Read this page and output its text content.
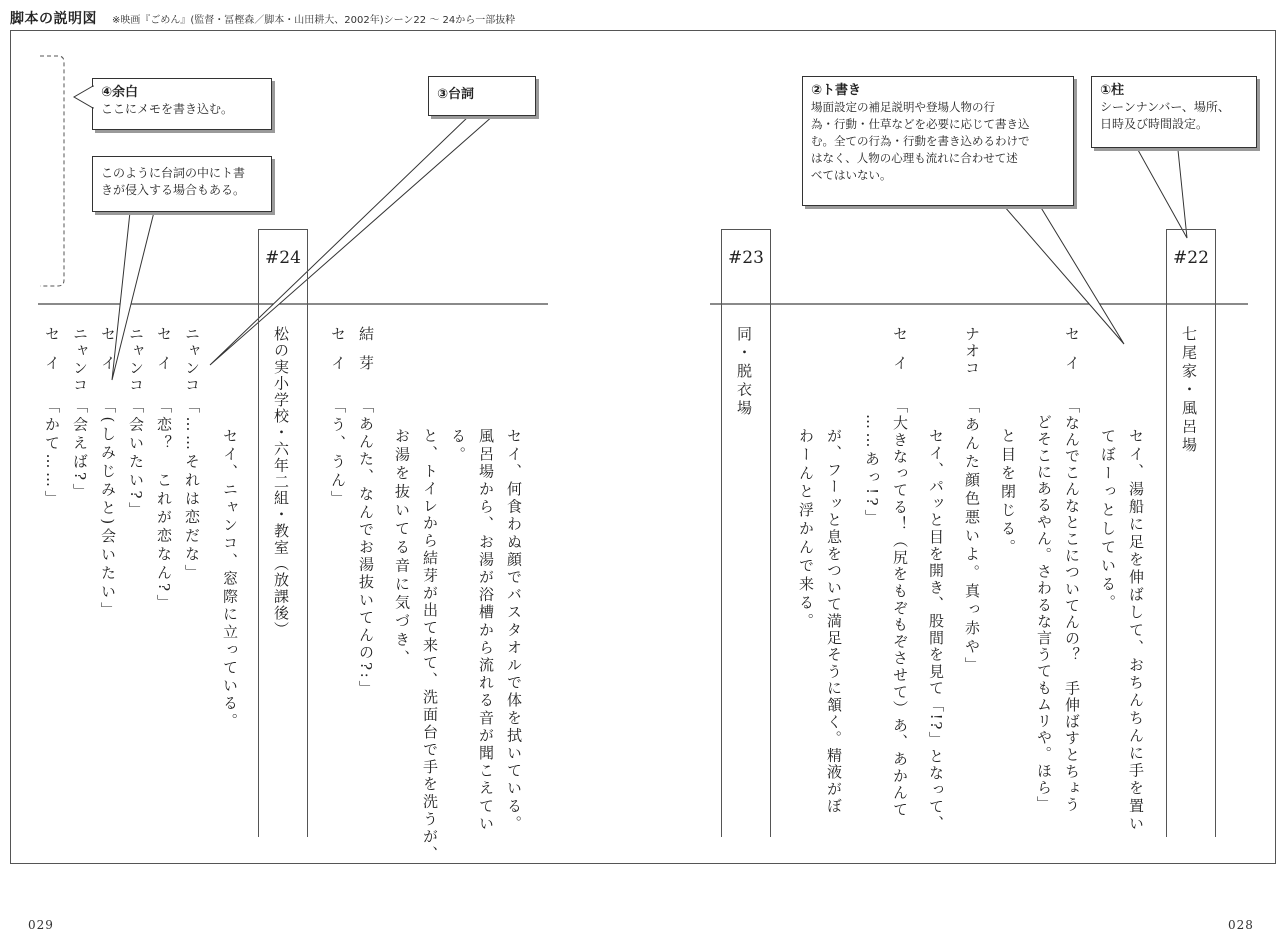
脚本の説明図 ※映画『ごめん』(監督・冨樫森／脚本・山田耕大、2002年)シーン22 〜 24から一部抜粋
#22
#23
#24
七尾家・風呂場
同・脱衣場
松の実小学校・六年二組・教室（放課後）	セイ、湯船に足を伸ばして、おちんちんに手を置い
てぼーっとしている。
セイ
「なんでこんなとこについてんの？　手伸ばすとちょう
どそこにあるやん。さわるな言うてもムリや。ほら」
と目を閉じる。
ナオコ
「あんた顔色悪いよ。真っ赤や」
セイ、パッと目を開き、股間を見て「!?」となって、
セイ
「大きなってる！（尻をもぞもぞさせて）あ、あかんて
……あっ!?」
が、フーッと息をついて満足そうに頷く。精液がぼ
わーんと浮かんで来る。
セイ、何食わぬ顔でバスタオルで体を拭いている。
風呂場から、お湯が浴槽から流れる音が聞こえてい
る。
と、トイレから結芽が出て来て、洗面台で手を洗うが、
お湯を抜いてる音に気づき、
結芽
「あんた、なんでお湯抜いてんの?:」
セイ
「う、うん」
ニャンコ
「……それは恋だな」 セイ、ニャンコ、窓際に立っている。
セイ
「恋？　これが恋なん?」
ニャンコ
「会いたい?」
セイ
「(しみじみと)会いたい」
ニャンコ
「会えば?」
セイ
「かて……」
①柱
シーンナンバー、場所、
日時及び時間設定。
②ト書き
場面設定の補足説明や登場人物の行
為・行動・仕草などを必要に応じて書き込
む。全ての行為・行動を書き込めるわけで
はなく、人物の心理も流れに合わせて述
べてはいない。
③台詞
④余白
ここにメモを書き込む。
このように台詞の中にト書
きが侵入する場合もある。
029	028
